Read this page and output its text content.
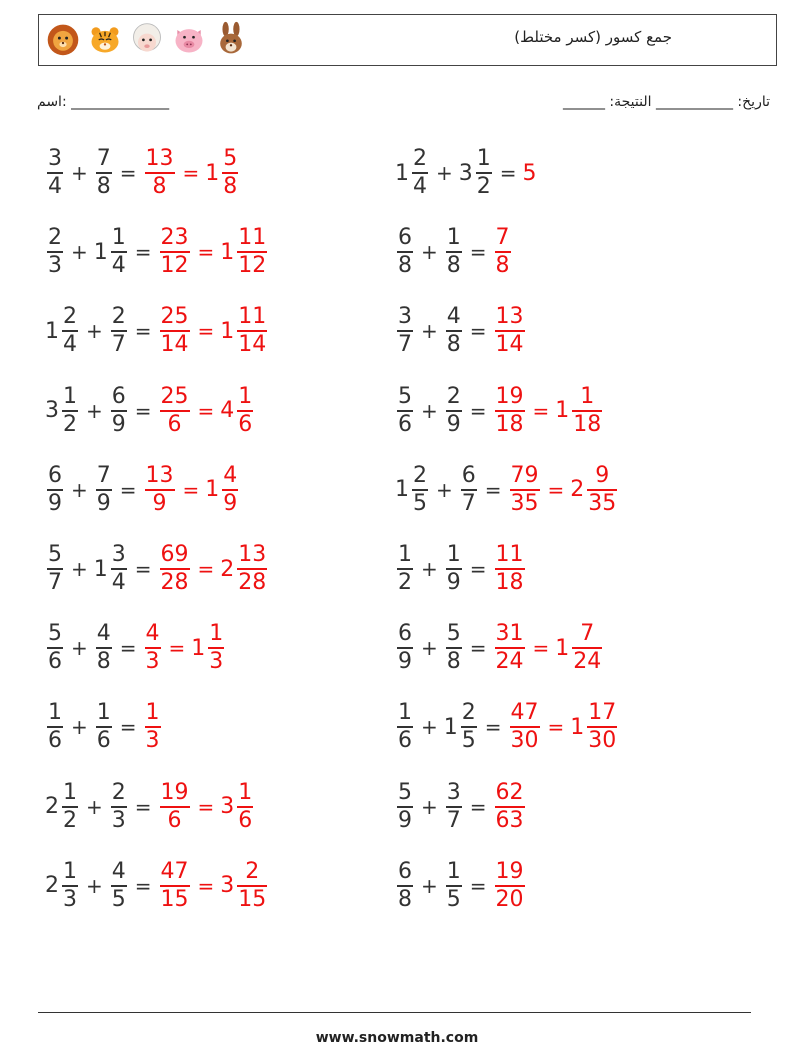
جمع كسور (كسر مختلط)
اسم: ______________	______ :تاريخ: ___________ النتيجة
$\frac{3}{4} + \frac{7}{8} = \frac{13}{8} = 1 \frac{5}{8}$	$1 \frac{2}{4} + 3 \frac{1}{2} = 5$
$\frac{2}{3} + 1 \frac{1}{4} = \frac{23}{12} = 1 \frac{11}{12}$	$\frac{6}{8} + \frac{1}{8} = \frac{7}{8}$
$1 \frac{2}{4} + \frac{2}{7} = \frac{25}{14} = 1 \frac{11}{14}$	$\frac{3}{7} + \frac{4}{8} = \frac{13}{14}$
$3 \frac{1}{2} + \frac{6}{9} = \frac{25}{6} = 4 \frac{1}{6}$	$\frac{5}{6} + \frac{2}{9} = \frac{19}{18} = 1 \frac{1}{18}$
$\frac{6}{9} + \frac{7}{9} = \frac{13}{9} = 1 \frac{4}{9}$	$1 \frac{2}{5} + \frac{6}{7} = \frac{79}{35} = 2 \frac{9}{35}$
$\frac{5}{7} + 1 \frac{3}{4} = \frac{69}{28} = 2 \frac{13}{28}$	$\frac{1}{2} + \frac{1}{9} = \frac{11}{18}$
$\frac{5}{6} + \frac{4}{8} = \frac{4}{3} = 1 \frac{1}{3}$	$\frac{6}{9} + \frac{5}{8} = \frac{31}{24} = 1 \frac{7}{24}$
$\frac{1}{6} + \frac{1}{6} = \frac{1}{3}$	$\frac{1}{6} + 1 \frac{2}{5} = \frac{47}{30} = 1 \frac{17}{30}$
$2 \frac{1}{2} + \frac{2}{3} = \frac{19}{6} = 3 \frac{1}{6}$	$\frac{5}{9} + \frac{3}{7} = \frac{62}{63}$
$2 \frac{1}{3} + \frac{4}{5} = \frac{47}{15} = 3 \frac{2}{15}$	$\frac{6}{8} + \frac{1}{5} = \frac{19}{20}$
www.snowmath.com
